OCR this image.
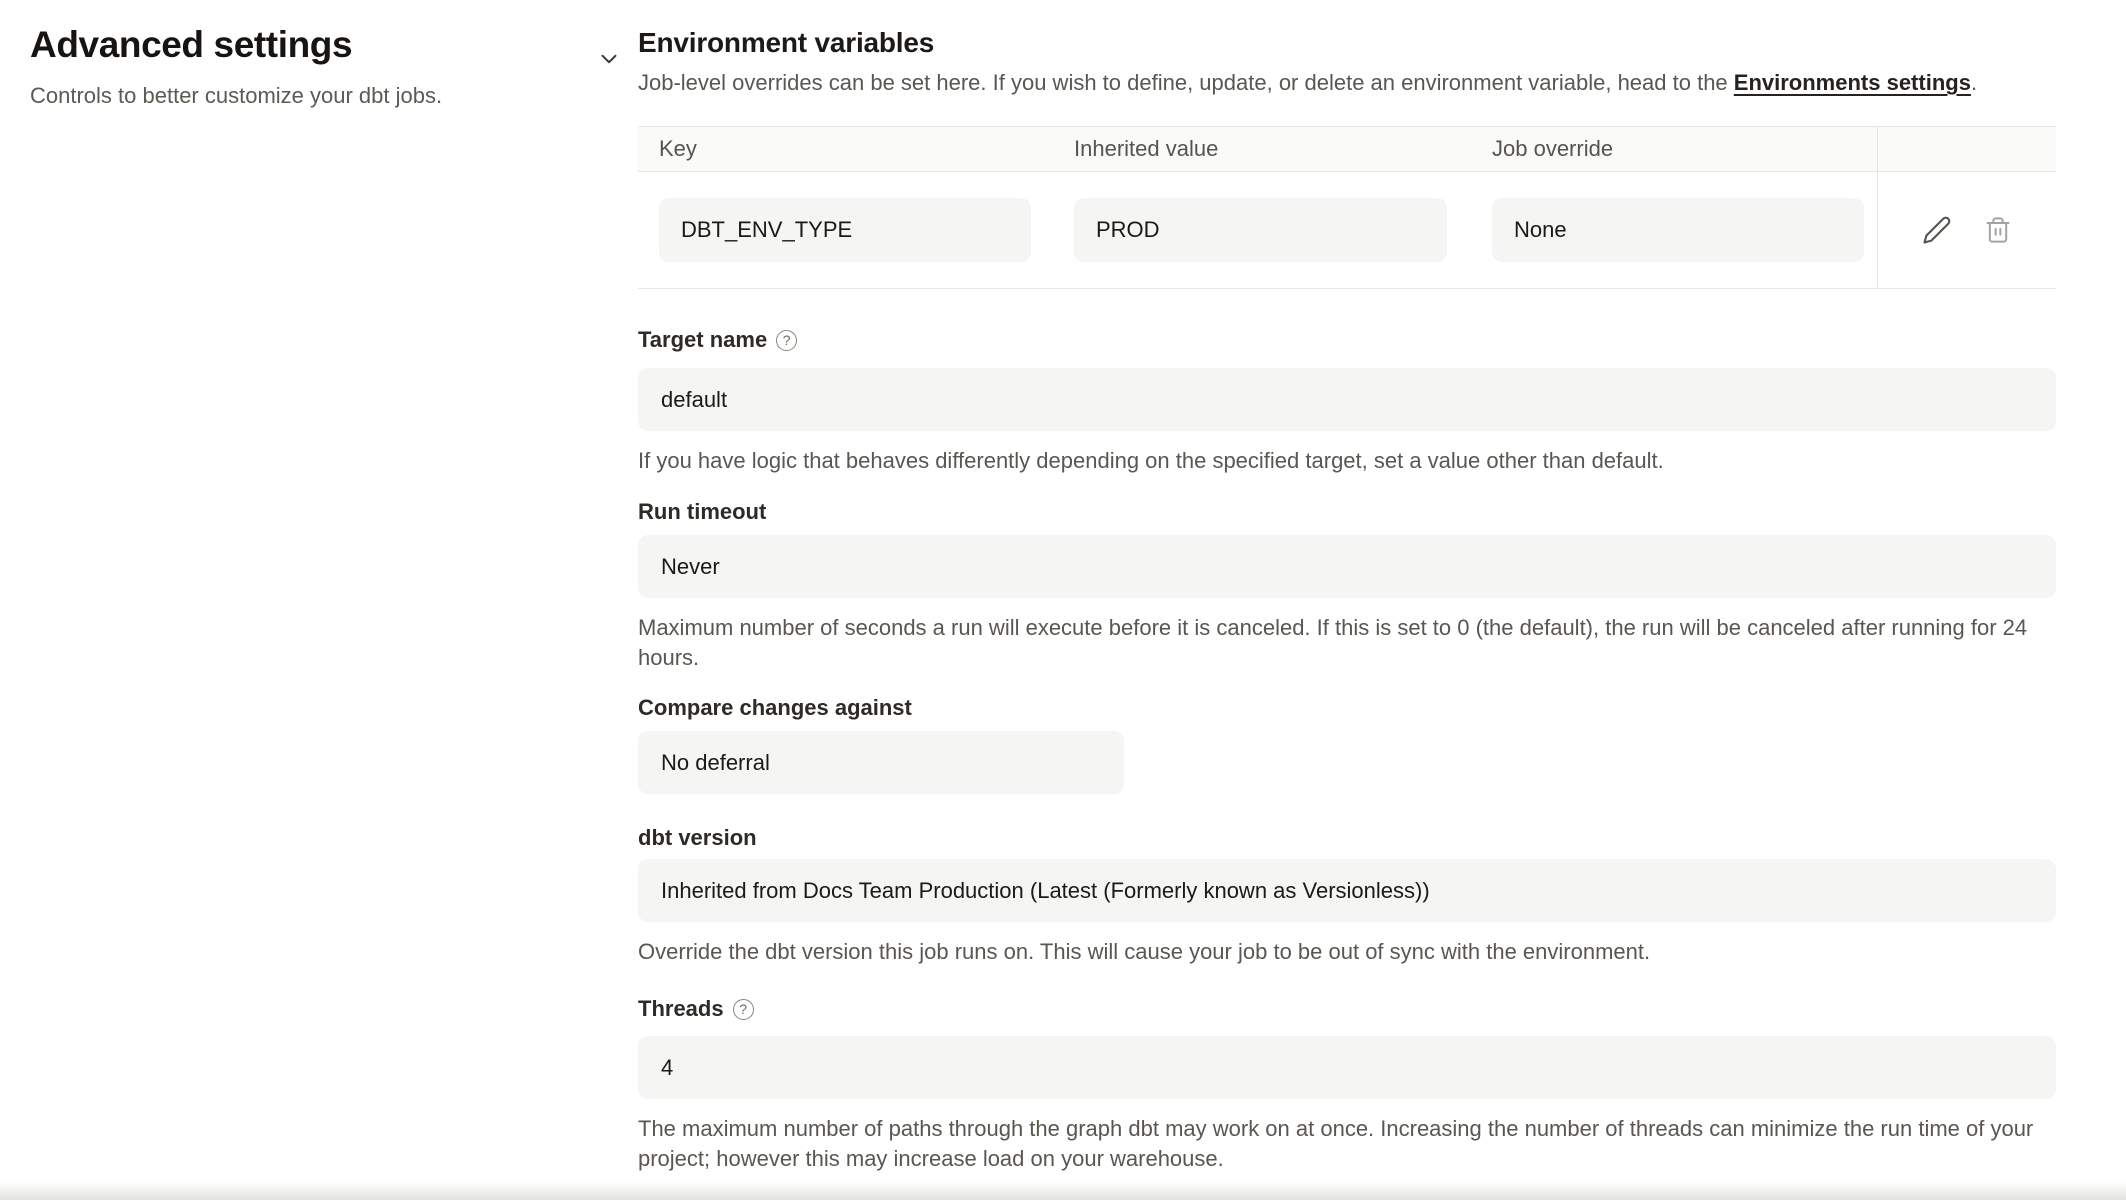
Advanced settings

Controls to better customize your dbt jobs.

Environment variables

Job-level overrides can be set here. If you wish to define, update, or delete an environment variable, head to the Environments settings.

Key	Inherited value	Job override
DBT_ENV_TYPE	PROD	None
Target name	?
default

If you have logic that behaves differently depending on the specified target, set a value other than default.

Run timeout
Never

Maximum number of seconds a run will execute before it is canceled. If this is set to 0 (the default), the run will be canceled after running for 24 hours.

Compare changes against
No deferral
dbt version
Inherited from Docs Team Production (Latest (Formerly known as Versionless))

Override the dbt version this job runs on. This will cause your job to be out of sync with the environment.

Threads	?
4

The maximum number of paths through the graph dbt may work on at once. Increasing the number of threads can minimize the run time of your project; however this may increase load on your warehouse.
